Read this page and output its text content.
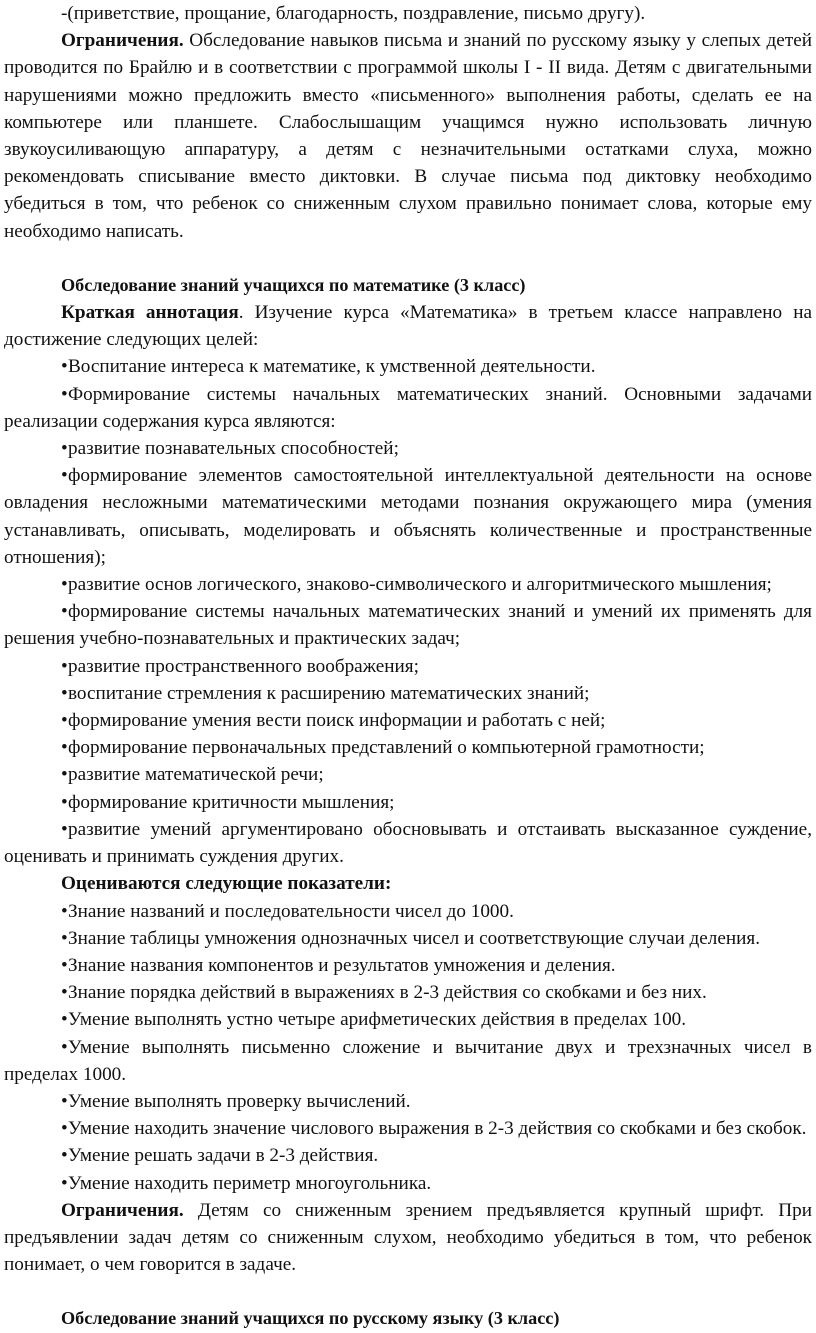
-(приветствие, прощание, благодарность, поздравление, письмо другу).

Ограничения. Обследование навыков письма и знаний по русскому языку у слепых детей проводится по Брайлю и в соответствии с программой школы I - II вида. Детям с двигательными нарушениями можно предложить вместо «письменного» выполнения работы, сделать ее на компьютере или планшете. Слабослышащим учащимся нужно использовать личную звукоусиливающую аппаратуру, а детям с незначительными остатками слуха, можно рекомендовать списывание вместо диктовки. В случае письма под диктовку необходимо убедиться в том, что ребенок со сниженным слухом правильно понимает слова, которые ему необходимо написать.

Обследование знаний учащихся по математике (3 класс)

Краткая аннотация. Изучение курса «Математика» в третьем классе направлено на достижение следующих целей:

•Воспитание интереса к математике, к умственной деятельности.

•Формирование системы начальных математических знаний. Основными задачами реализации содержания курса являются:

•развитие познавательных способностей;

•формирование элементов самостоятельной интеллектуальной деятельности на основе овладения несложными математическими методами познания окружающего мира (умения устанавливать, описывать, моделировать и объяснять количественные и пространственные отношения);

•развитие основ логического, знаково-символического и алгоритмического мышления;

•формирование системы начальных математических знаний и умений их применять для решения учебно-познавательных и практических задач;

•развитие пространственного воображения;

•воспитание стремления к расширению математических знаний;

•формирование умения вести поиск информации и работать с ней;

•формирование первоначальных представлений о компьютерной грамотности;

•развитие математической речи;

•формирование критичности мышления;

•развитие умений аргументировано обосновывать и отстаивать высказанное суждение, оценивать и принимать суждения других.

Оцениваются следующие показатели:

•Знание названий и последовательности чисел до 1000.

•Знание таблицы умножения однозначных чисел и соответствующие случаи деления.

•Знание названия компонентов и результатов умножения и деления.

•Знание порядка действий в выражениях в 2-3 действия со скобками и без них.

•Умение выполнять устно четыре арифметических действия в пределах 100.

•Умение выполнять письменно сложение и вычитание двух и трехзначных чисел в пределах 1000.

•Умение выполнять проверку вычислений.

•Умение находить значение числового выражения в 2-3 действия со скобками и без скобок.

•Умение решать задачи в 2-3 действия.

•Умение находить периметр многоугольника.

Ограничения. Детям со сниженным зрением предъявляется крупный шрифт. При предъявлении задач детям со сниженным слухом, необходимо убедиться в том, что ребенок понимает, о чем говорится в задаче.

Обследование знаний учащихся по русскому языку (3 класс)
